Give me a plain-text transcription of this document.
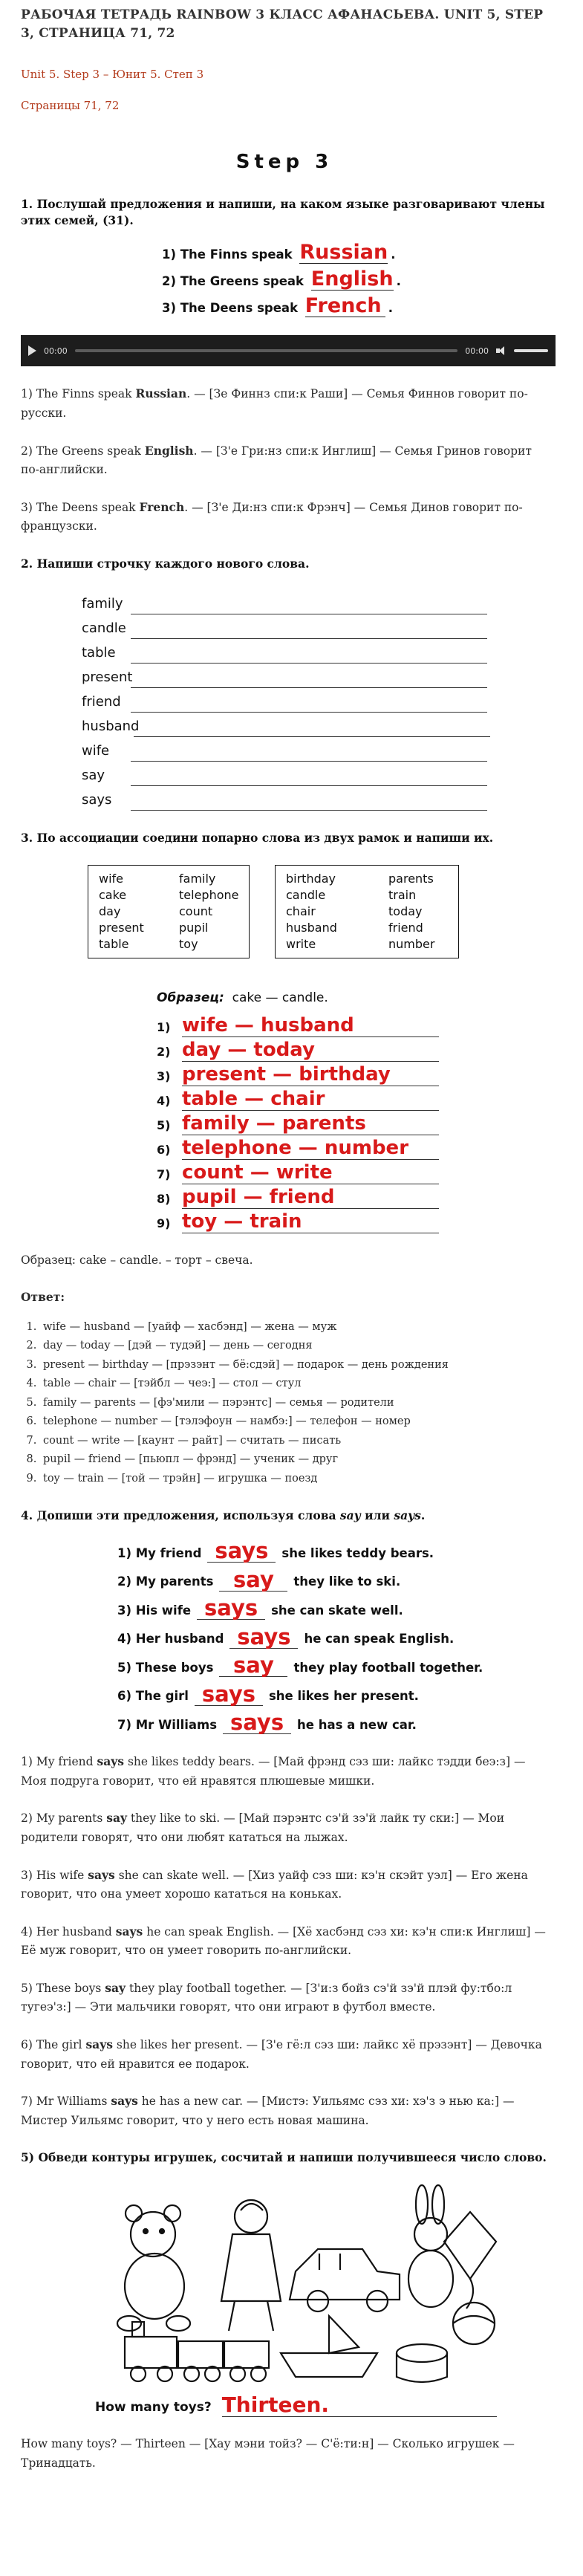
РАБОЧАЯ ТЕТРАДЬ RAINBOW 3 КЛАСС АФАНАСЬЕВА. UNIT 5, STEP 3, СТРАНИЦА 71, 72
Unit 5. Step 3 – Юнит 5. Степ 3
Страницы 71, 72
Step 3
1. Послушай предложения и напиши, на каком языке разговаривают члены этих семей, (31).
1) The Finns speak Russian .
2) The Greens speak English .
3) The Deens speak French .
00:00	00:00

1) The Finns speak Russian. — [Зе Финнз спи:к Раши] — Семья Финнов говорит по-русски.

2) The Greens speak English. — [З'е Гри:нз спи:к Инглиш] — Семья Гринов говорит по-английски.

3) The Deens speak French. — [З'е Ди:нз спи:к Фрэнч] — Семья Динов говорит по-французски.

2. Напиши строчку каждого нового слова.
family
candle
table
present
friend
husband
wife
say
says
3. По ассоциации соедини попарно слова из двух рамок и напиши их.
wife	family
cake	telephone
day	count
present	pupil
table	toy
birthday	parents
candle	train
chair	today
husband	friend
write	number
Образец: cake — candle.
1) wife — husband
2) day — today
3) present — birthday
4) table — chair
5) family — parents
6) telephone — number
7) count — write
8) pupil — friend
9) toy — train

Образец: cake – candle. – торт – свеча.

Ответ:

1. wife — husband — [уайф — хасбэнд] — жена — муж
2. day — today — [дэй — тудэй] — день — сегодня
3. present — birthday — [прэзэнт — бё:сдэй] — подарок — день рождения
4. table — chair — [тэйбл — чеэ:] — стол — стул
5. family — parents — [фэ'мили — пэрэнтс] — семья — родители
6. telephone — number — [тэлэфоун — намбэ:] — телефон — номер
7. count — write — [каунт — райт] — считать — писать
8. pupil — friend — [пьюпл — фрэнд] — ученик — друг
9. toy — train — [той — трэйн] — игрушка — поезд
4. Допиши эти предложения, используя слова say или says.
1) My friend says	she likes teddy bears.
2) My parents say	they like to ski.
3) His wife says	she can skate well.
4) Her husband says	he can speak English.
5) These boys say	they play football together.
6) The girl says	she likes her present.
7) Mr Williams says	he has a new car.

1) My friend says she likes teddy bears. — [Май фрэнд сэз ши: лайкс тэдди беэ:з] — Моя подруга говорит, что ей нравятся плюшевые мишки.

2) My parents say they like to ski. — [Май пэрэнтс сэ'й зэ'й лайк ту ски:] — Мои родители говорят, что они любят кататься на лыжах.

3) His wife says she can skate well. — [Хиз уайф сэз ши: кэ'н скэйт уэл] — Его жена говорит, что она умеет хорошо кататься на коньках.

4) Her husband says he can speak English. — [Хё хасбэнд сэз хи: кэ'н спи:к Инглиш] — Её муж говорит, что он умеет говорить по-английски.

5) These boys say they play football together. — [З'и:з бойз сэ'й зэ'й плэй фу:тбо:л тугеэ'з:] — Эти мальчики говорят, что они играют в футбол вместе.

6) The girl says she likes her present. — [З'е гё:л сэз ши: лайкс хё прэзэнт] — Девочка говорит, что ей нравится ее подарок.

7) Mr Williams says he has a new car. — [Мистэ: Уильямс сэз хи: хэ'з э нью ка:] — Мистер Уильямс говорит, что у него есть новая машина.

5) Обведи контуры игрушек, сосчитай и напиши получившееся число слово.
How many toys? Thirteen.

How many toys? — Thirteen — [Хау мэни тойз? — С'ё:ти:н] — Сколько игрушек — Тринадцать.
